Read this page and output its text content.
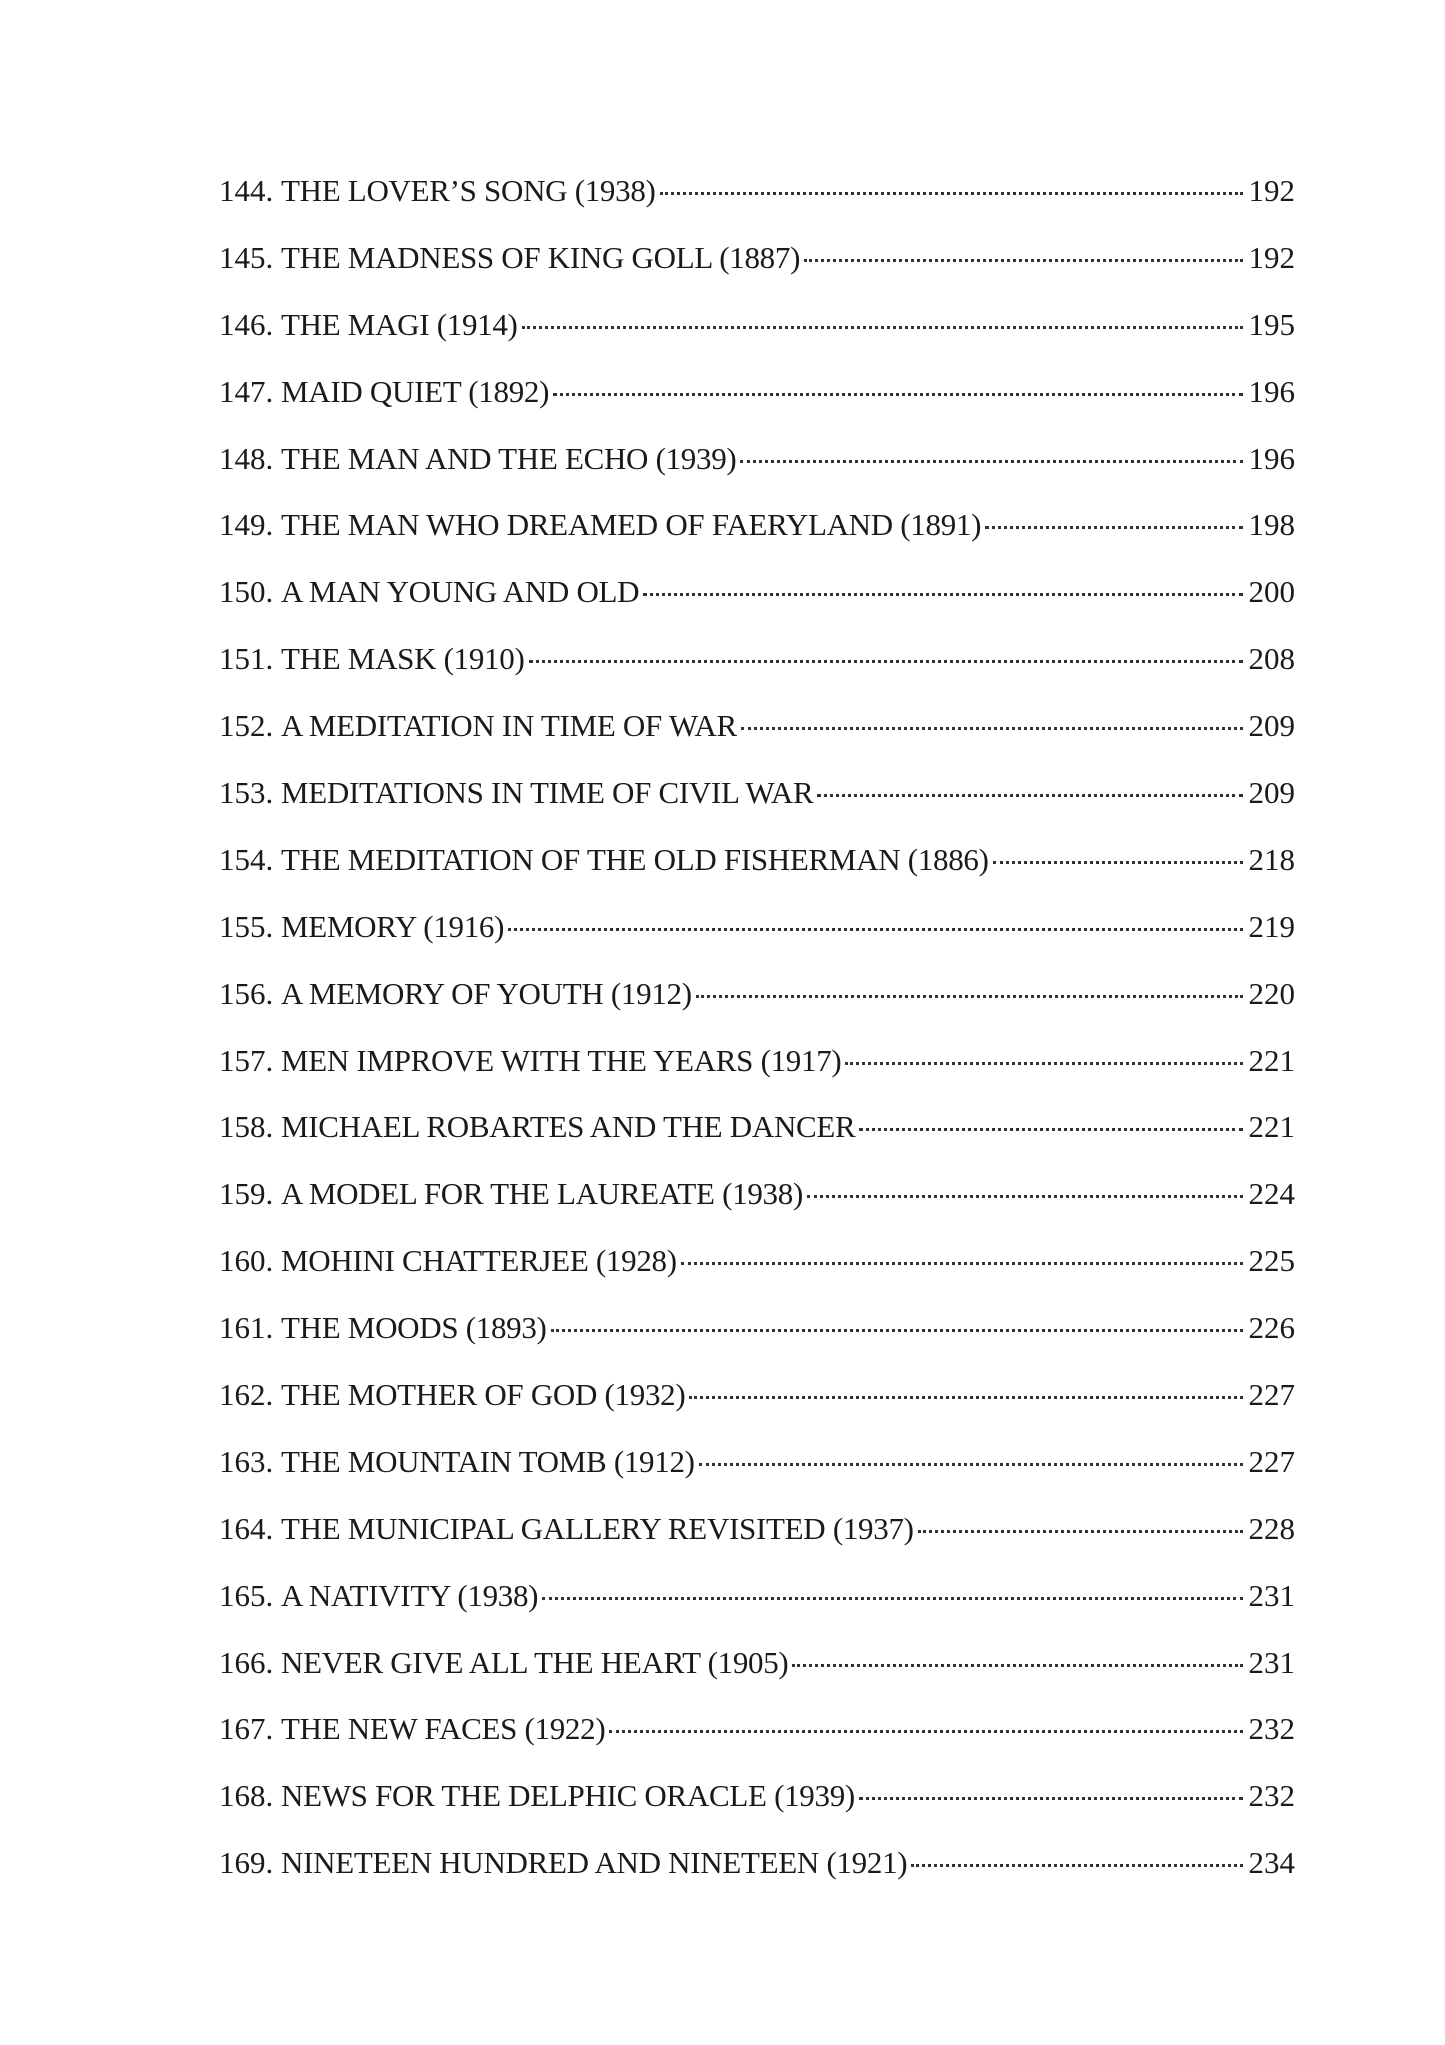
144. THE LOVER’S SONG (1938)	192
145. THE MADNESS OF KING GOLL (1887)	192
146. THE MAGI (1914)	195
147. MAID QUIET (1892)	196
148. THE MAN AND THE ECHO (1939)	196
149. THE MAN WHO DREAMED OF FAERYLAND (1891)	198
150. A MAN YOUNG AND OLD	200
151. THE MASK (1910)	208
152. A MEDITATION IN TIME OF WAR	209
153. MEDITATIONS IN TIME OF CIVIL WAR	209
154. THE MEDITATION OF THE OLD FISHERMAN (1886)	218
155. MEMORY (1916)	219
156. A MEMORY OF YOUTH (1912)	220
157. MEN IMPROVE WITH THE YEARS (1917)	221
158. MICHAEL ROBARTES AND THE DANCER	221
159. A MODEL FOR THE LAUREATE (1938)	224
160. MOHINI CHATTERJEE (1928)	225
161. THE MOODS (1893)	226
162. THE MOTHER OF GOD (1932)	227
163. THE MOUNTAIN TOMB (1912)	227
164. THE MUNICIPAL GALLERY REVISITED (1937)	228
165. A NATIVITY (1938)	231
166. NEVER GIVE ALL THE HEART (1905)	231
167. THE NEW FACES (1922)	232
168. NEWS FOR THE DELPHIC ORACLE (1939)	232
169. NINETEEN HUNDRED AND NINETEEN (1921)	234
